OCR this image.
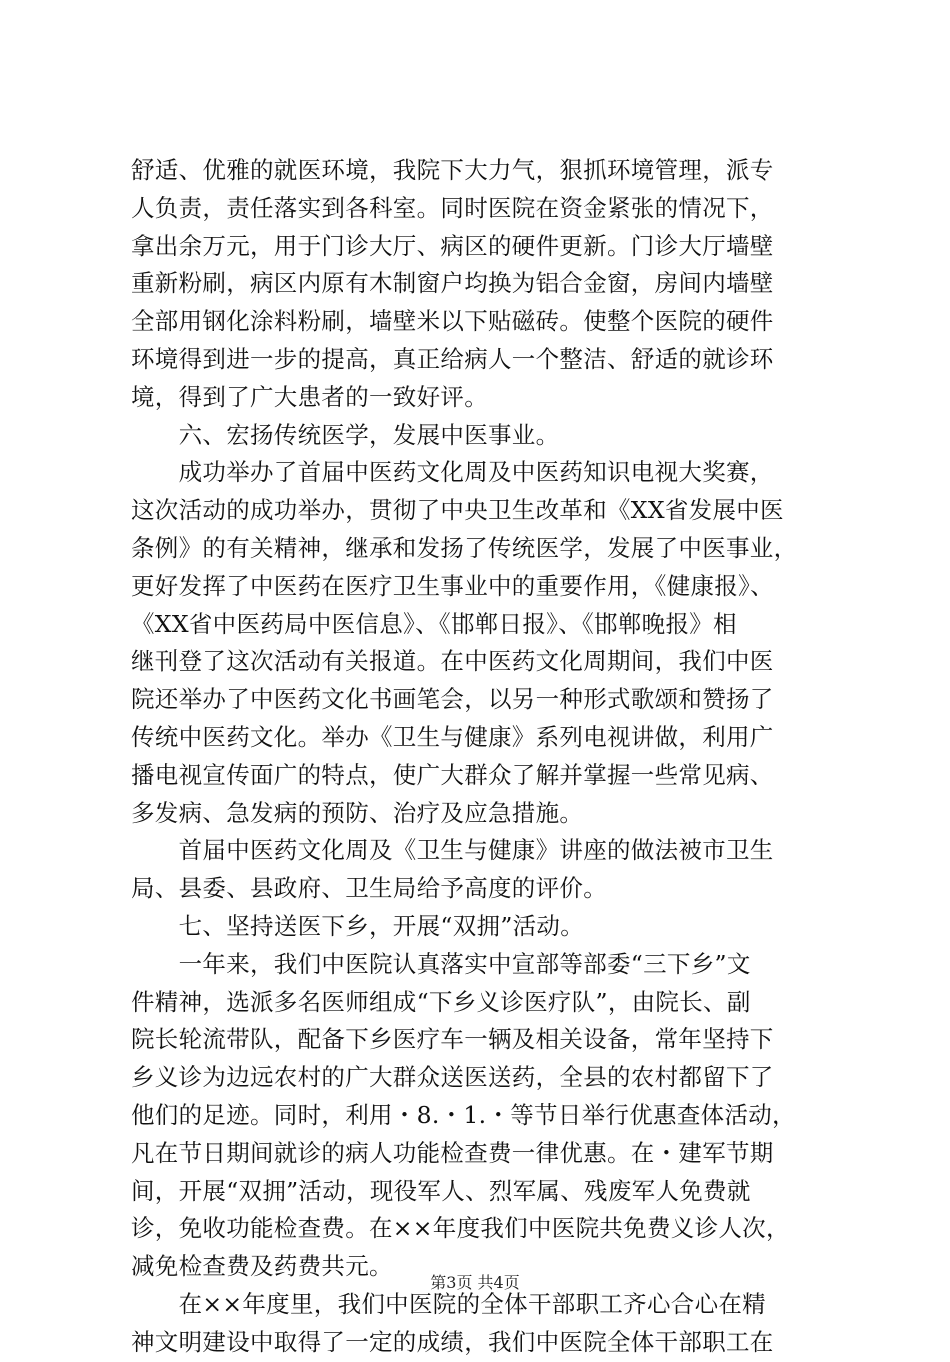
舒适、优雅的就医环境，我院下大力气，狠抓环境管理，派专
人负责，责任落实到各科室。同时医院在资金紧张的情况下，
拿出余万元，用于门诊大厅、病区的硬件更新。门诊大厅墙壁
重新粉刷，病区内原有木制窗户均换为铝合金窗，房间内墙壁
全部用钢化涂料粉刷，墙壁米以下贴磁砖。使整个医院的硬件
环境得到进一步的提高，真正给病人一个整洁、舒适的就诊环
境，得到了广大患者的一致好评。
　　六、宏扬传统医学，发展中医事业。
　　成功举办了首届中医药文化周及中医药知识电视大奖赛，
这次活动的成功举办，贯彻了中央卫生改革和《XX省发展中医
条例》的有关精神，继承和发扬了传统医学，发展了中医事业，
更好发挥了中医药在医疗卫生事业中的重要作用，《健康报》、
《XX省中医药局中医信息》、《邯郸日报》、《邯郸晚报》相
继刊登了这次活动有关报道。在中医药文化周期间，我们中医
院还举办了中医药文化书画笔会，以另一种形式歌颂和赞扬了
传统中医药文化。举办《卫生与健康》系列电视讲做，利用广
播电视宣传面广的特点，使广大群众了解并掌握一些常见病、
多发病、急发病的预防、治疗及应急措施。
　　首届中医药文化周及《卫生与健康》讲座的做法被市卫生
局、县委、县政府、卫生局给予高度的评价。
　　七、坚持送医下乡，开展“双拥”活动。
　　一年来，我们中医院认真落实中宣部等部委“三下乡”文
件精神，选派多名医师组成“下乡义诊医疗队”，由院长、副
院长轮流带队，配备下乡医疗车一辆及相关设备，常年坚持下
乡义诊为边远农村的广大群众送医送药，全县的农村都留下了
他们的足迹。同时，利用・8.・1.・等节日举行优惠查体活动，
凡在节日期间就诊的病人功能检查费一律优惠。在・建军节期
间，开展“双拥”活动，现役军人、烈军属、残废军人免费就
诊，免收功能检查费。在××年度我们中医院共免费义诊人次，
减免检查费及药费共元。
　　在××年度里，我们中医院的全体干部职工齐心合心在精
神文明建设中取得了一定的成绩，我们中医院全体干部职工在
第3页 共4页
